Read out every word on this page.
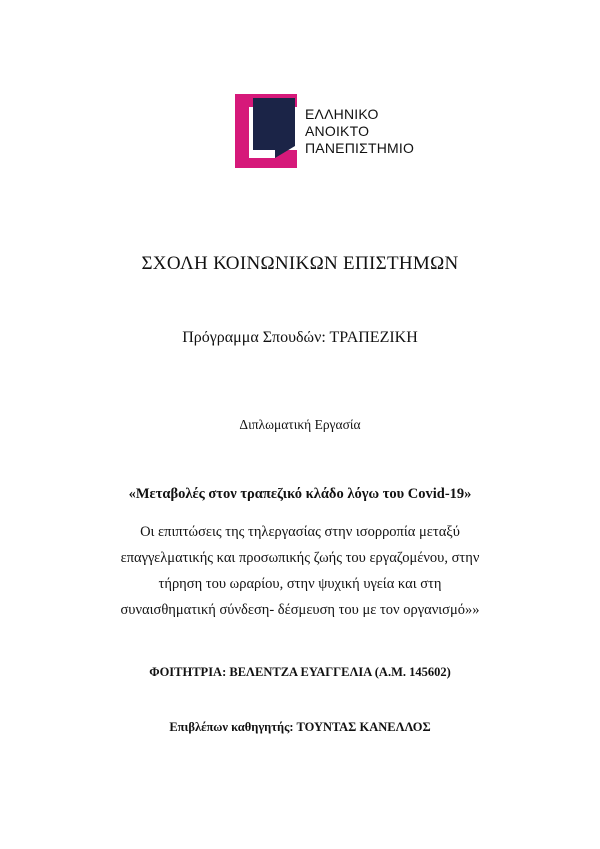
ΕΛΛΗΝΙΚΟ
ΑΝΟΙΚΤΟ
ΠΑΝΕΠΙΣΤΗΜΙΟ
ΣΧΟΛΗ ΚΟΙΝΩΝΙΚΩΝ ΕΠΙΣΤΗΜΩΝ
Πρόγραμμα Σπουδών: ΤΡΑΠΕΖΙΚΗ
Διπλωματική Εργασία
«Μεταβολές στον τραπεζικό κλάδο λόγω του Covid-19»
Οι επιπτώσεις της τηλεργασίας στην ισορροπία μεταξύ
επαγγελματικής και προσωπικής ζωής του εργαζομένου, στην
τήρηση του ωραρίου, στην ψυχική υγεία και στη
συναισθηματική σύνδεση- δέσμευση του με τον οργανισμό»»
ΦΟΙΤΗΤΡΙΑ: ΒΕΛΕΝΤΖΑ ΕΥΑΓΓΕΛΙΑ (Α.Μ. 145602)
Επιβλέπων καθηγητής: ΤΟΥΝΤΑΣ ΚΑΝΕΛΛΟΣ
